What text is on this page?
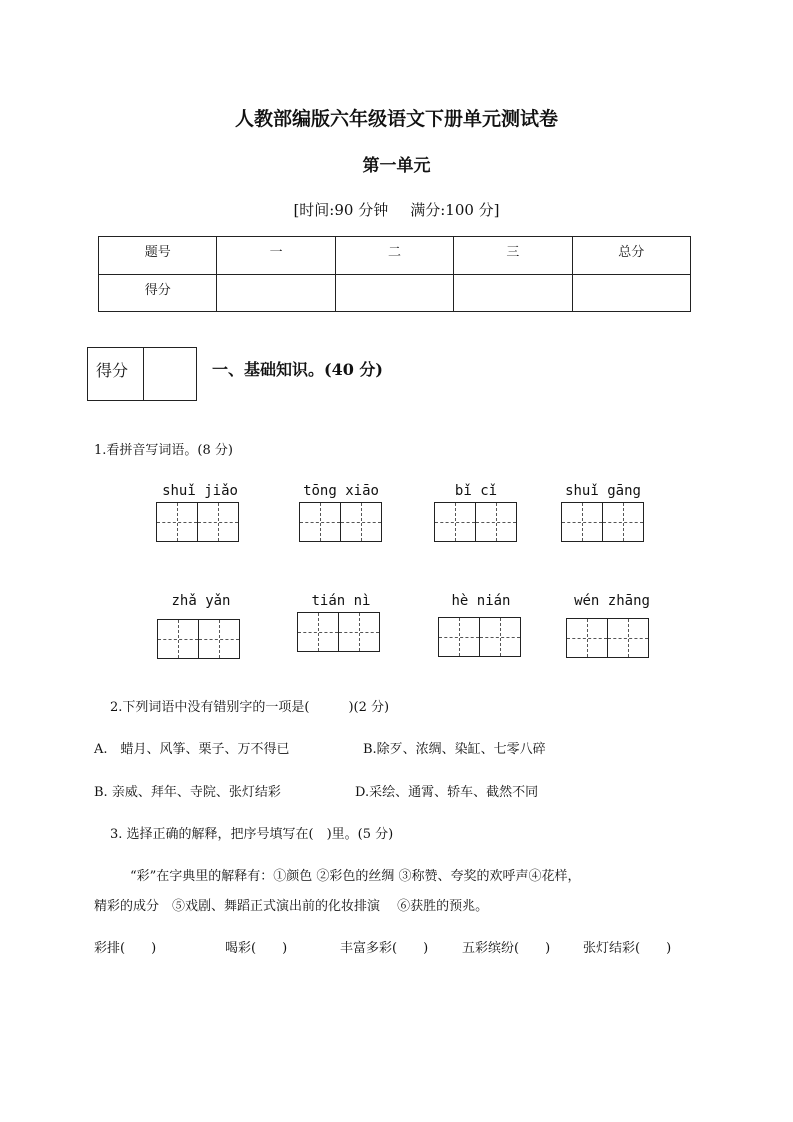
人教部编版六年级语文下册单元测试卷
第一单元
[时间:90 分钟 满分:100 分]
题号	一	二	三	总分
得分				
得分	一、基础知识。(40 分)
1.看拼音写词语。(8 分)
shuǐ jiǎo	tōng xiāo	bǐ cǐ	shuǐ gāng
zhǎ yǎn	tián nì	hè nián	wén zhāng
2.下列词语中没有错别字的一项是(　　　)(2 分)
A.　蜡月、风筝、栗子、万不得已	B.除歹、浓绸、染缸、七零八碎
B. 亲威、拜年、寺院、张灯结彩	D.采绘、通霄、轿车、截然不同
3. 选择正确的解释，把序号填写在(　)里。(5 分)
“彩”在字典里的解释有：①颜色 ②彩色的丝绸 ③称赞、夸奖的欢呼声④花样，
精彩的成分　⑤戏剧、舞蹈正式演出前的化妆排演　 ⑥获胜的预兆。
彩排(　　)	喝彩(　　)	丰富多彩(　　)	五彩缤纷(　　)	张灯结彩(　　)
